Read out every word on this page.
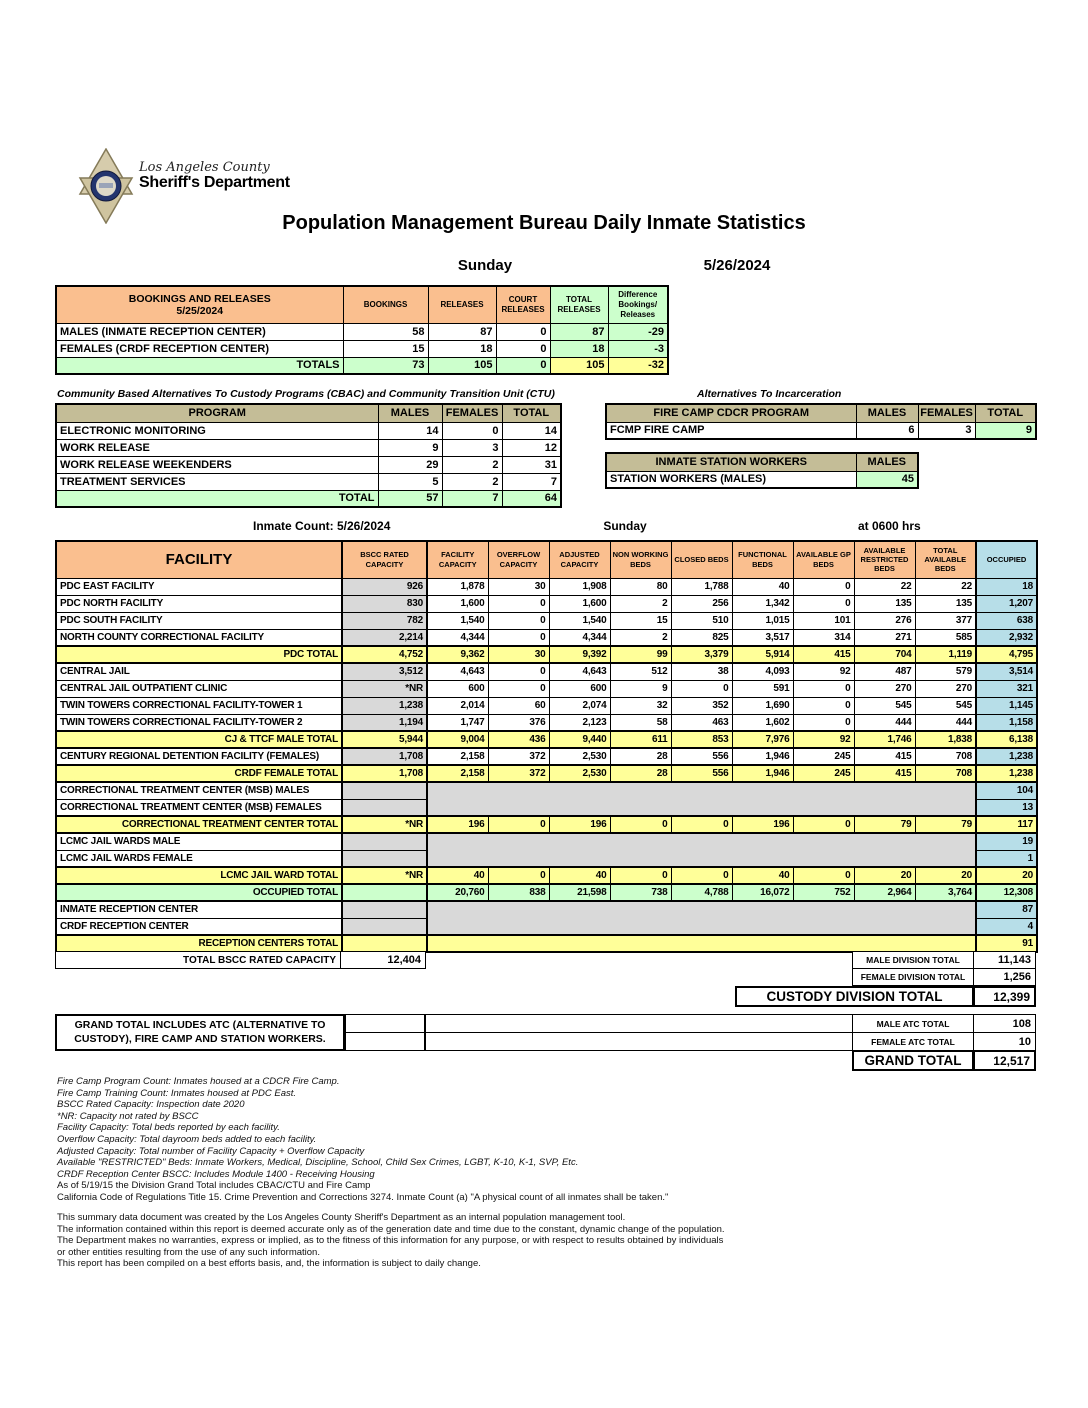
Los Angeles County
Sheriff's Department
Population Management Bureau Daily Inmate Statistics
Sunday	5/26/2024
BOOKINGS AND RELEASES
5/25/2024	BOOKINGS	RELEASES	COURT RELEASES	TOTAL RELEASES	Difference Bookings/ Releases
MALES (INMATE RECEPTION CENTER)	58	87	0	87	-29
FEMALES (CRDF RECEPTION CENTER)	15	18	0	18	-3
TOTALS	73	105	0	105	-32
Community Based Alternatives To Custody Programs (CBAC) and Community Transition Unit (CTU)
PROGRAM	MALES	FEMALES	TOTAL
ELECTRONIC MONITORING	14	0	14
WORK RELEASE	9	3	12
WORK RELEASE WEEKENDERS	29	2	31
TREATMENT SERVICES	5	2	7
TOTAL	57	7	64
Alternatives To Incarceration
FIRE CAMP CDCR PROGRAM	MALES	FEMALES	TOTAL
FCMP FIRE CAMP	6	3	9
INMATE STATION WORKERS	MALES
STATION WORKERS (MALES)	45
Inmate Count: 5/26/2024	Sunday	at 0600 hrs
FACILITY	BSCC RATED CAPACITY	FACILITY CAPACITY	OVERFLOW CAPACITY	ADJUSTED CAPACITY	NON WORKING BEDS	CLOSED BEDS	FUNCTIONAL BEDS	AVAILABLE GP BEDS	AVAILABLE RESTRICTED BEDS	TOTAL AVAILABLE BEDS	OCCUPIED
PDC EAST FACILITY	926	1,878	30	1,908	80	1,788	40	0	22	22	18
PDC NORTH FACILITY	830	1,600	0	1,600	2	256	1,342	0	135	135	1,207
PDC SOUTH FACILITY	782	1,540	0	1,540	15	510	1,015	101	276	377	638
NORTH COUNTY CORRECTIONAL FACILITY	2,214	4,344	0	4,344	2	825	3,517	314	271	585	2,932
PDC TOTAL	4,752	9,362	30	9,392	99	3,379	5,914	415	704	1,119	4,795
CENTRAL JAIL	3,512	4,643	0	4,643	512	38	4,093	92	487	579	3,514
CENTRAL JAIL OUTPATIENT CLINIC	*NR	600	0	600	9	0	591	0	270	270	321
TWIN TOWERS CORRECTIONAL FACILITY-TOWER 1	1,238	2,014	60	2,074	32	352	1,690	0	545	545	1,145
TWIN TOWERS CORRECTIONAL FACILITY-TOWER 2	1,194	1,747	376	2,123	58	463	1,602	0	444	444	1,158
CJ & TTCF MALE TOTAL	5,944	9,004	436	9,440	611	853	7,976	92	1,746	1,838	6,138
CENTURY REGIONAL DETENTION FACILITY (FEMALES)	1,708	2,158	372	2,530	28	556	1,946	245	415	708	1,238
CRDF FEMALE TOTAL	1,708	2,158	372	2,530	28	556	1,946	245	415	708	1,238
CORRECTIONAL TREATMENT CENTER (MSB) MALES											104
CORRECTIONAL TREATMENT CENTER (MSB) FEMALES											13
CORRECTIONAL TREATMENT CENTER TOTAL	*NR	196	0	196	0	0	196	0	79	79	117
LCMC JAIL WARDS MALE											19
LCMC JAIL WARDS FEMALE											1
LCMC JAIL WARD TOTAL	*NR	40	0	40	0	0	40	0	20	20	20
OCCUPIED TOTAL		20,760	838	21,598	738	4,788	16,072	752	2,964	3,764	12,308
INMATE RECEPTION CENTER											87
CRDF RECEPTION CENTER											4
RECEPTION CENTERS TOTAL											91
TOTAL BSCC RATED CAPACITY	12,404	MALE DIVISION TOTAL	11,143
FEMALE DIVISION TOTAL	1,256
CUSTODY DIVISION TOTAL	12,399
GRAND TOTAL INCLUDES ATC (ALTERNATIVE TO CUSTODY), FIRE CAMP AND STATION WORKERS.
MALE ATC TOTAL	108
FEMALE ATC TOTAL	10
GRAND TOTAL	12,517
Fire Camp Program Count: Inmates housed at a CDCR Fire Camp.
Fire Camp Training Count: Inmates housed at PDC East.
BSCC Rated Capacity: Inspection date 2020
*NR: Capacity not rated by BSCC
Facility Capacity: Total beds reported by each facility.
Overflow Capacity: Total dayroom beds added to each facility.
Adjusted Capacity: Total number of Facility Capacity + Overflow Capacity
Available "RESTRICTED" Beds: Inmate Workers, Medical, Discipline, School, Child Sex Crimes, LGBT, K-10, K-1, SVP, Etc.
CRDF Reception Center BSCC: Includes Module 1400 - Receiving Housing
As of 5/19/15 the Division Grand Total includes CBAC/CTU and Fire Camp
California Code of Regulations Title 15. Crime Prevention and Corrections 3274. Inmate Count (a) "A physical count of all inmates shall be taken."
This summary data document was created by the Los Angeles County Sheriff's Department as an internal population management tool.
The information contained within this report is deemed accurate only as of the generation date and time due to the constant, dynamic change of the population.
The Department makes no warranties, express or implied, as to the fitness of this information for any purpose, or with respect to results obtained by individuals
or other entities resulting from the use of any such information.
This report has been compiled on a best efforts basis, and, the information is subject to daily change.
